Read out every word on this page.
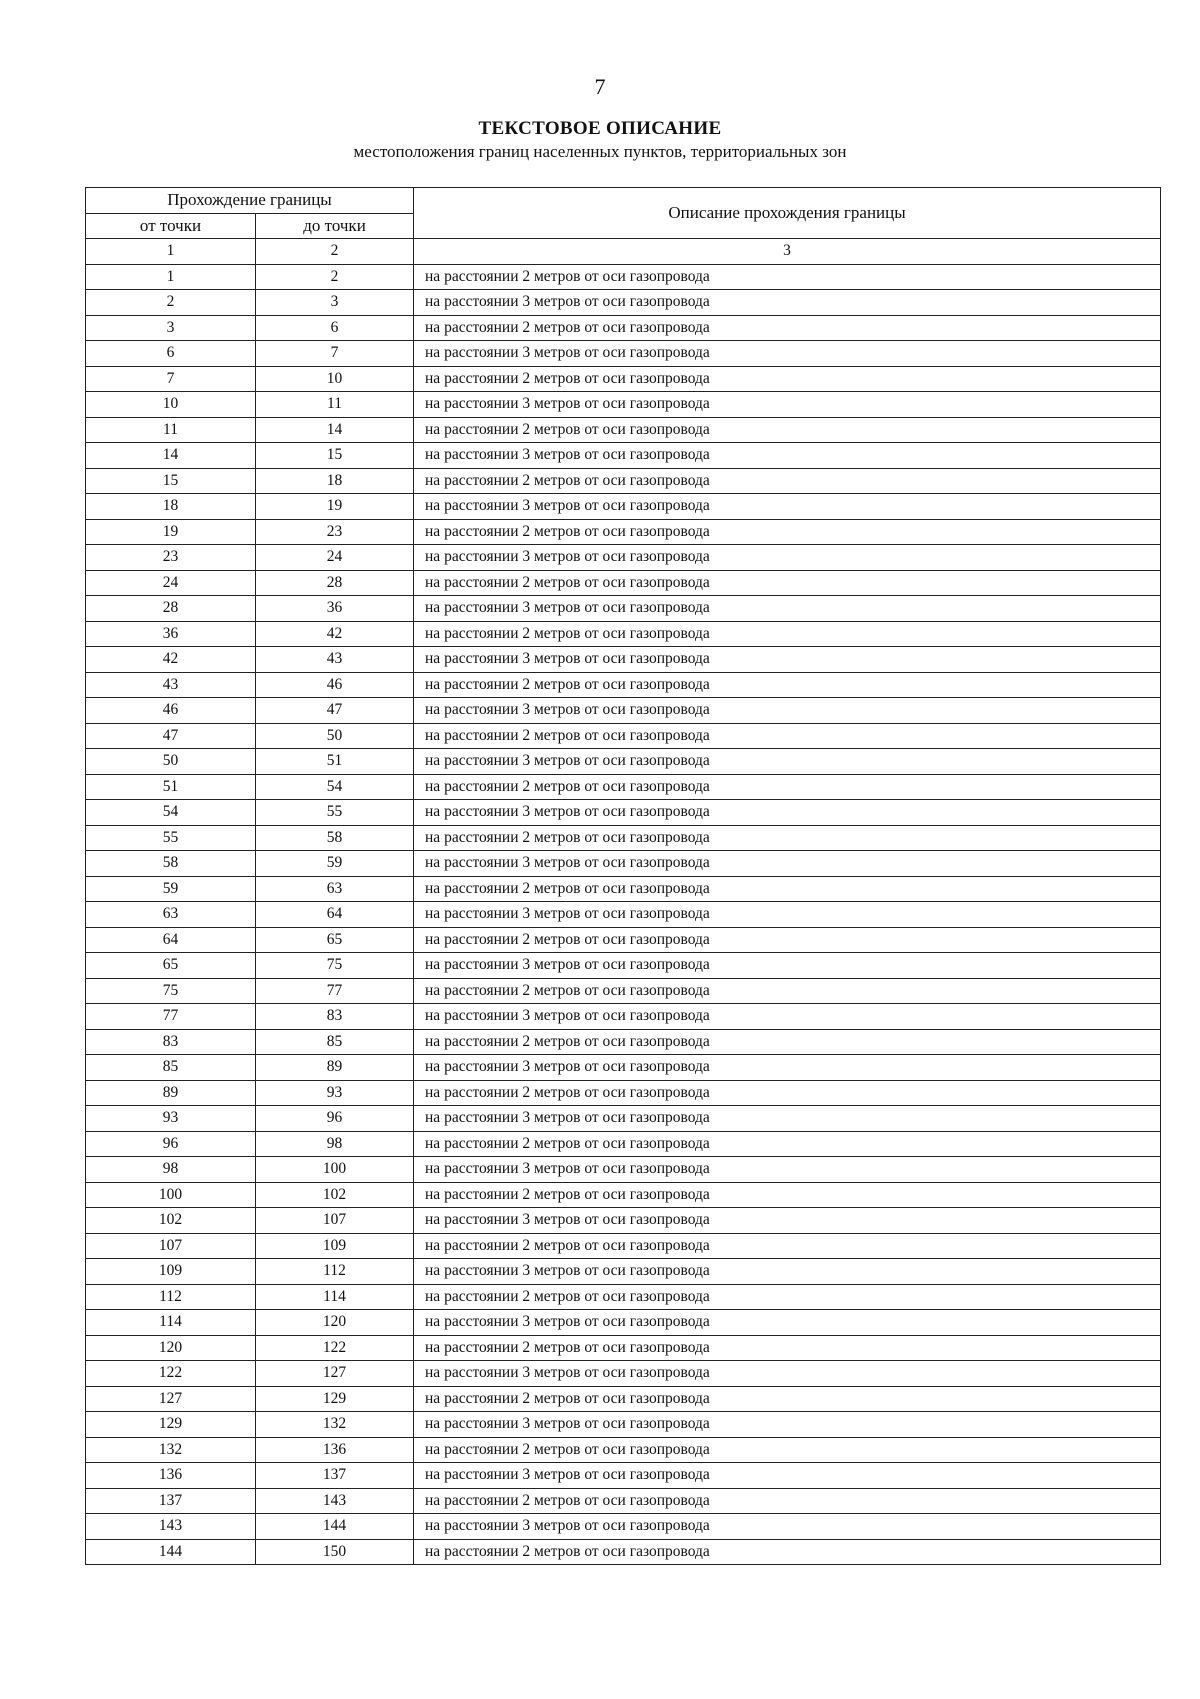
7
ТЕКСТОВОЕ ОПИСАНИЕ
местоположения границ населенных пунктов, территориальных зон
Прохождение границы		Описание прохождения границы
от точки	до точки	
1	2	3
1	2	на расстоянии 2 метров от оси газопровода
2	3	на расстоянии 3 метров от оси газопровода
3	6	на расстоянии 2 метров от оси газопровода
6	7	на расстоянии 3 метров от оси газопровода
7	10	на расстоянии 2 метров от оси газопровода
10	11	на расстоянии 3 метров от оси газопровода
11	14	на расстоянии 2 метров от оси газопровода
14	15	на расстоянии 3 метров от оси газопровода
15	18	на расстоянии 2 метров от оси газопровода
18	19	на расстоянии 3 метров от оси газопровода
19	23	на расстоянии 2 метров от оси газопровода
23	24	на расстоянии 3 метров от оси газопровода
24	28	на расстоянии 2 метров от оси газопровода
28	36	на расстоянии 3 метров от оси газопровода
36	42	на расстоянии 2 метров от оси газопровода
42	43	на расстоянии 3 метров от оси газопровода
43	46	на расстоянии 2 метров от оси газопровода
46	47	на расстоянии 3 метров от оси газопровода
47	50	на расстоянии 2 метров от оси газопровода
50	51	на расстоянии 3 метров от оси газопровода
51	54	на расстоянии 2 метров от оси газопровода
54	55	на расстоянии 3 метров от оси газопровода
55	58	на расстоянии 2 метров от оси газопровода
58	59	на расстоянии 3 метров от оси газопровода
59	63	на расстоянии 2 метров от оси газопровода
63	64	на расстоянии 3 метров от оси газопровода
64	65	на расстоянии 2 метров от оси газопровода
65	75	на расстоянии 3 метров от оси газопровода
75	77	на расстоянии 2 метров от оси газопровода
77	83	на расстоянии 3 метров от оси газопровода
83	85	на расстоянии 2 метров от оси газопровода
85	89	на расстоянии 3 метров от оси газопровода
89	93	на расстоянии 2 метров от оси газопровода
93	96	на расстоянии 3 метров от оси газопровода
96	98	на расстоянии 2 метров от оси газопровода
98	100	на расстоянии 3 метров от оси газопровода
100	102	на расстоянии 2 метров от оси газопровода
102	107	на расстоянии 3 метров от оси газопровода
107	109	на расстоянии 2 метров от оси газопровода
109	112	на расстоянии 3 метров от оси газопровода
112	114	на расстоянии 2 метров от оси газопровода
114	120	на расстоянии 3 метров от оси газопровода
120	122	на расстоянии 2 метров от оси газопровода
122	127	на расстоянии 3 метров от оси газопровода
127	129	на расстоянии 2 метров от оси газопровода
129	132	на расстоянии 3 метров от оси газопровода
132	136	на расстоянии 2 метров от оси газопровода
136	137	на расстоянии 3 метров от оси газопровода
137	143	на расстоянии 2 метров от оси газопровода
143	144	на расстоянии 3 метров от оси газопровода
144	150	на расстоянии 2 метров от оси газопровода
